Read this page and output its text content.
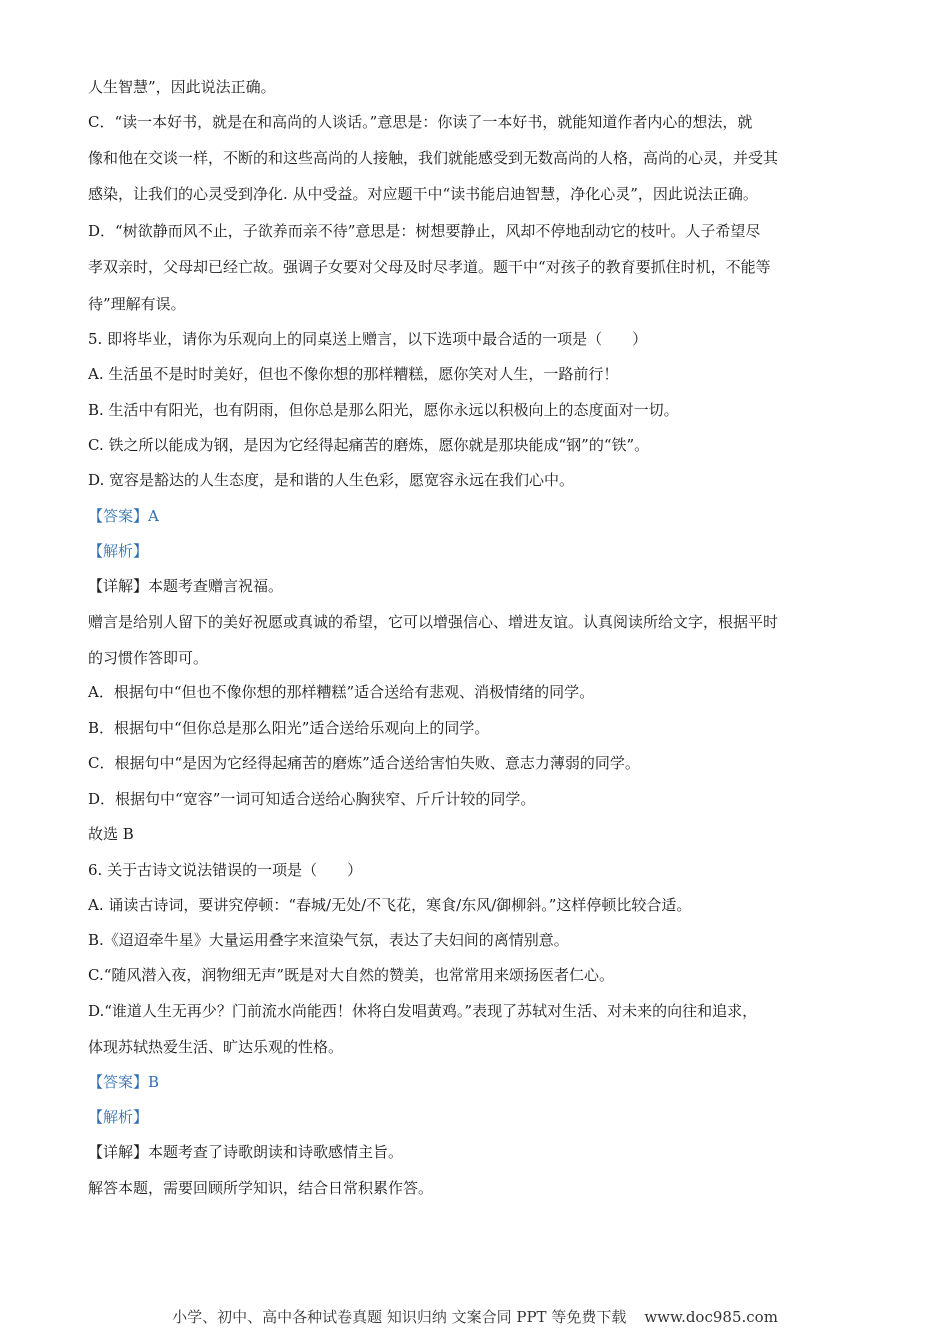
人生智慧”，因此说法正确。
C．“读一本好书，就是在和高尚的人谈话。”意思是：你读了一本好书，就能知道作者内心的想法，就
像和他在交谈一样，不断的和这些高尚的人接触，我们就能感受到无数高尚的人格，高尚的心灵，并受其
感染，让我们的心灵受到净化. 从中受益。对应题干中“读书能启迪智慧，净化心灵”，因此说法正确。
D．“树欲静而风不止，子欲养而亲不待”意思是：树想要静止，风却不停地刮动它的枝叶。人子希望尽
孝双亲时，父母却已经亡故。强调子女要对父母及时尽孝道。题干中“对孩子的教育要抓住时机，不能等
待”理解有误。
5. 即将毕业，请你为乐观向上的同桌送上赠言，以下选项中最合适的一项是（　　）
A. 生活虽不是时时美好，但也不像你想的那样糟糕，愿你笑对人生，一路前行！
B. 生活中有阳光，也有阴雨，但你总是那么阳光，愿你永远以积极向上的态度面对一切。
C. 铁之所以能成为钢，是因为它经得起痛苦的磨炼，愿你就是那块能成“钢”的“铁”。
D. 宽容是豁达的人生态度，是和谐的人生色彩，愿宽容永远在我们心中。
【答案】A
【解析】
【详解】本题考查赠言祝福。
赠言是给别人留下的美好祝愿或真诚的希望，它可以增强信心、增进友谊。认真阅读所给文字，根据平时
的习惯作答即可。
A．根据句中“但也不像你想的那样糟糕”适合送给有悲观、消极情绪的同学。
B．根据句中“但你总是那么阳光”适合送给乐观向上的同学。
C．根据句中“是因为它经得起痛苦的磨炼”适合送给害怕失败、意志力薄弱的同学。
D．根据句中“宽容”一词可知适合送给心胸狭窄、斤斤计较的同学。
故选 B
6. 关于古诗文说法错误的一项是（　　）
A. 诵读古诗词，要讲究停顿：“春城/无处/不飞花，寒食/东风/御柳斜。”这样停顿比较合适。
B.《迢迢牵牛星》大量运用叠字来渲染气氛，表达了夫妇间的离情别意。
C.“随风潜入夜，润物细无声”既是对大自然的赞美，也常常用来颂扬医者仁心。
D.“谁道人生无再少？门前流水尚能西！休将白发唱黄鸡。”表现了苏轼对生活、对未来的向往和追求，
体现苏轼热爱生活、旷达乐观的性格。
【答案】B
【解析】
【详解】本题考查了诗歌朗读和诗歌感情主旨。
解答本题，需要回顾所学知识，结合日常积累作答。
小学、初中、高中各种试卷真题 知识归纳 文案合同 PPT 等免费下载 www.doc985.com
